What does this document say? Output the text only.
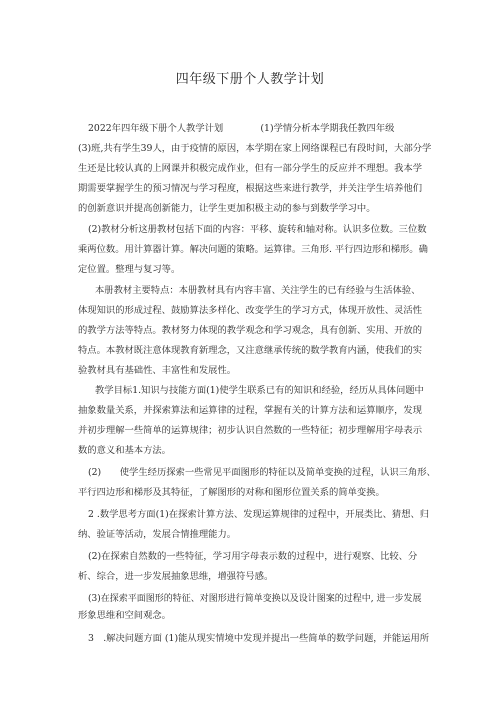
四年级下册个人教学计划
2022年四年级下册个人教学计划　　　　(1)学情分析本学期我任教四年级
(3)班,共有学生39人，由于疫情的原因，本学期在家上网络课程已有段时间，大部分学
生还是比较认真的上网课并积极完成作业，但有一部分学生的反应并不理想。我本学
期需要掌握学生的预习情况与学习程度，根据这些来进行教学，并关注学生培养他们
的创新意识并提高创新能力，让学生更加积极主动的参与到数学学习中。
(2)教材分析这册教材包括下面的内容：平移、旋转和轴对称。认识多位数。三位数
乘两位数。用计算器计算。解决问题的策略。运算律。三角形. 平行四边形和梯形。确
定位置。整理与复习等。
本册教材主要特点：本册教材具有内容丰富、关注学生的已有经验与生活体验、
体现知识的形成过程、鼓励算法多样化、改变学生的学习方式，体现开放性、灵活性
的教学方法等特点。教材努力体现的教学观念和学习观念，具有创新、实用、开放的
特点。本教材既注意体现教育新理念，又注意继承传统的数学教育内涵，使我们的实
验教材具有基础性、丰富性和发展性。
教学目标1.知识与技能方面(1)使学生联系已有的知识和经验，经历从具体问题中
抽象数量关系，并探索算法和运算律的过程，掌握有关的计算方法和运算顺序，发现
并初步理解一些简单的运算规律；初步认识自然数的一些特征；初步理解用字母表示
数的意义和基本方法。
(2)　　使学生经历探索一些常见平面图形的特征以及简单变换的过程，认识三角形、
平行四边形和梯形及其特征，了解图形的对称和图形位置关系的简单变换。
2 .数学思考方面(1)在探索计算方法、发现运算规律的过程中，开展类比、猜想、归
纳、验证等活动，发展合情推理能力。
(2)在探索自然数的一些特征，学习用字母表示数的过程中，进行观察、比较、分
析、综合，进一步发展抽象思维，增强符号感。
(3)在探索平面图形的特征、对图形进行简单变换以及设计图案的过程中, 进一步发展
形象思维和空间观念。
3　.解决问题方面 (1)能从现实情境中发现并提出一些简单的数学问题，并能运用所
